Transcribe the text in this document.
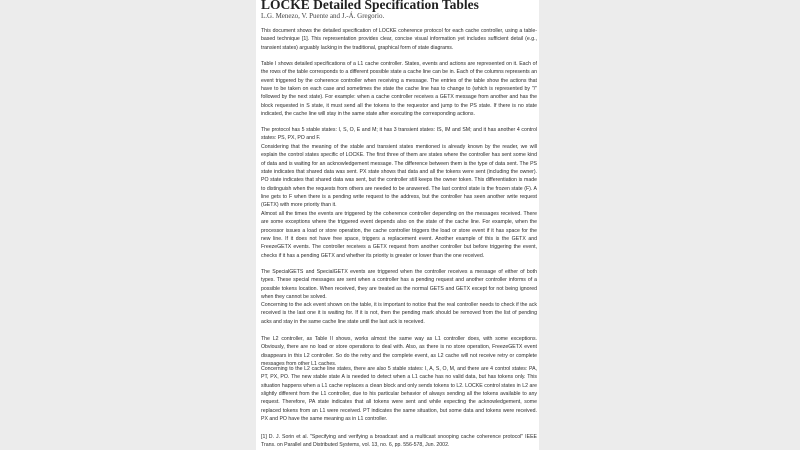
LOCKE Detailed Specification Tables
L.G. Menezo, V. Puente and J.-Á. Gregorio.

This document shows the detailed specification of LOCKE coherence protocol for each cache controller, using a table-based technique [1]. This representation provides clear, concise visual information yet includes sufficient detail (e.g., transient states) arguably lacking in the traditional, graphical form of state diagrams.

Table I shows detailed specifications of a L1 cache controller. States, events and actions are represented on it. Each of the rows of the table corresponds to a different possible state a cache line can be in. Each of the columns represents an event triggered by the coherence controller when receiving a message. The entries of the table show the actions that have to be taken on each case and sometimes the state the cache line has to change to (which is represented by "/" followed by the next state). For example: when a cache controller receives a GETX message from another and has the block requested in S state, it must send all the tokens to the requestor and jump to the PS state. If there is no state indicated, the cache line will stay in the same state after executing the corresponding actions.

The protocol has 5 stable states: I, S, O, E and M; it has 3 transient states: IS, IM and SM; and it has another 4 control states: PS, PX, PO and F.

Considering that the meaning of the stable and transient states mentioned is already known by the reader, we will explain the control states specific of LOCKE. The first three of them are states where the controller has sent some kind of data and is waiting for an acknowledgement message. The difference between them is the type of data sent. The PS state indicates that shared data was sent. PX state shows that data and all the tokens were sent (including the owner). PO state indicates that shared data was sent, but the controller still keeps the owner token. This differentiation is made to distinguish when the requests from others are needed to be answered. The last control state is the frozen state (F). A line gets to F when there is a pending write request to the address, but the controller has seen another write request (GETX) with more priority than it.

Almost all the times the events are triggered by the coherence controller depending on the messages received. There are some exceptions where the triggered event depends also on the state of the cache line. For example, when the processor issues a load or store operation, the cache controller triggers the load or store event if it has space for the new line. If it does not have free space, triggers a replacement event. Another example of this is the GETX and FreezeGETX events. The controller receives a GETX request from another controller but before triggering the event, checks if it has a pending GETX and whether its priority is greater or lower than the one received.

The SpecialGETS and SpecialGETX events are triggered when the controller receives a message of either of both types. These special messages are sent when a controller has a pending request and another controller informs of a possible tokens location. When received, they are treated as the normal GETS and GETX except for not being ignored when they cannot be solved.

Concerning to the ack event shown on the table, it is important to notice that the real controller needs to check if the ack received is the last one it is waiting for. If it is not, then the pending mark should be removed from the list of pending acks and stay in the same cache line state until the last ack is received.

The L2 controller, as Table II shows, works almost the same way as L1 controller does, with some exceptions. Obviously, there are no load or store operations to deal with. Also, as there is no store operation, FreezeGETX event disappears in this L2 controller. So do the retry and the complete event, as L2 cache will not receive retry or complete messages from other L1 caches.

Concerning to the L2 cache line states, there are also 5 stable states: I, A, S, O, M, and there are 4 control states: PA, PT, PX, PO. The new stable state A is needed to detect when a L1 cache has no valid data, but has tokens only. This situation happens when a L1 cache replaces a clean block and only sends tokens to L2. LOCKE control states in L2 are slightly different from the L1 controller, due to his particular behavior of always sending all the tokens available to any request. Therefore, PA state indicates that all tokens were sent and while expecting the acknowledgement, some replaced tokens from an L1 were received. PT indicates the same situation, but some data and tokens were received. PX and PO have the same meaning as in L1 controller.

[1] D. J. Sorin et al. "Specifying and verifying a broadcast and a multicast snooping cache coherence protocol" IEEE Trans. on Parallel and Distributed Systems, vol. 13, no. 6, pp. 556-578, Jun. 2002.
